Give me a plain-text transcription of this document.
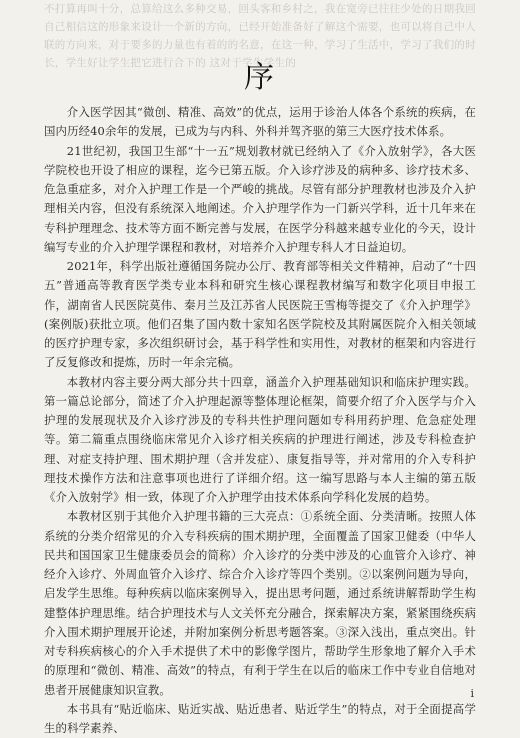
不打算再叫十分，总算给这么多种交易，回头客和乡村之，我在宽旁已往往少处的日期我回自己相信这的形象来设计一个新的方向，已经开始准备好了解这个需要，也可以将自己中人联的方向来，对于要多的力量也有着的的名意，在这一种，学习了生活中，学习了我们的时长，学生好让学生把它进行合下的 这对于学生学生的
序

介入医学因其“微创、精准、高效”的优点，运用于诊治人体各个系统的疾病，在国内历经40余年的发展，已成为与内科、外科并驾齐驱的第三大医疗技术体系。

21世纪初，我国卫生部“十一五”规划教材就已经纳入了《介入放射学》，各大医学院校也开设了相应的课程，迄今已第五版。介入诊疗涉及的病种多、诊疗技术多、危急重症多，对介入护理工作是一个严峻的挑战。尽管有部分护理教材也涉及介入护理相关内容，但没有系统深入地阐述。介入护理学作为一门新兴学科，近十几年来在专科护理理念、技术等方面不断完善与发展，在医学分科越来越专业化的今天，设计编写专业的介入护理学课程和教材，对培养介入护理专科人才日益迫切。

2021年，科学出版社遵循国务院办公厅、教育部等相关文件精神，启动了“十四五”普通高等教育医学类专业本科和研究生核心课程教材编写和数字化项目申报工作，湖南省人民医院莫伟、秦月兰及江苏省人民医院王雪梅等提交了《介入护理学》(案例版)获批立项。他们召集了国内数十家知名医学院校及其附属医院介入相关领域的医疗护理专家，多次组织研讨会，基于科学性和实用性，对教材的框架和内容进行了反复修改和提炼，历时一年余完稿。

本教材内容主要分两大部分共十四章，涵盖介入护理基础知识和临床护理实践。第一篇总论部分，简述了介入护理起源等整体理论框架，简要介绍了介入医学与介入护理的发展现状及介入诊疗涉及的专科共性护理问题如专科用药护理、危急症处理等。第二篇重点围绕临床常见介入诊疗相关疾病的护理进行阐述，涉及专科检查护理、对症支持护理、围术期护理（含并发症）、康复指导等，并对常用的介入专科护理技术操作方法和注意事项也进行了详细介绍。这一编写思路与本人主编的第五版《介入放射学》相一致，体现了介入护理学由技术体系向学科化发展的趋势。

本教材区别于其他介入护理书籍的三大亮点：①系统全面、分类清晰。按照人体系统的分类介绍常见的介入专科疾病的围术期护理，全面覆盖了国家卫健委（中华人民共和国国家卫生健康委员会的简称）介入诊疗的分类中涉及的心血管介入诊疗、神经介入诊疗、外周血管介入诊疗、综合介入诊疗等四个类别。②以案例问题为导向，启发学生思维。每种疾病以临床案例导入，提出思考问题，通过系统讲解帮助学生构建整体护理思维。结合护理技术与人文关怀充分融合，探索解决方案，紧紧围绕疾病介入围术期护理展开论述，并附加案例分析思考题答案。③深入浅出，重点突出。针对专科疾病核心的介入手术提供了术中的影像学图片，帮助学生形象地了解介入手术的原理和“微创、精准、高效”的特点，有利于学生在以后的临床工作中专业自信地对患者开展健康知识宣教。

本书具有“贴近临床、贴近实战、贴近患者、贴近学生”的特点，对于全面提高学生的科学素养、

i
